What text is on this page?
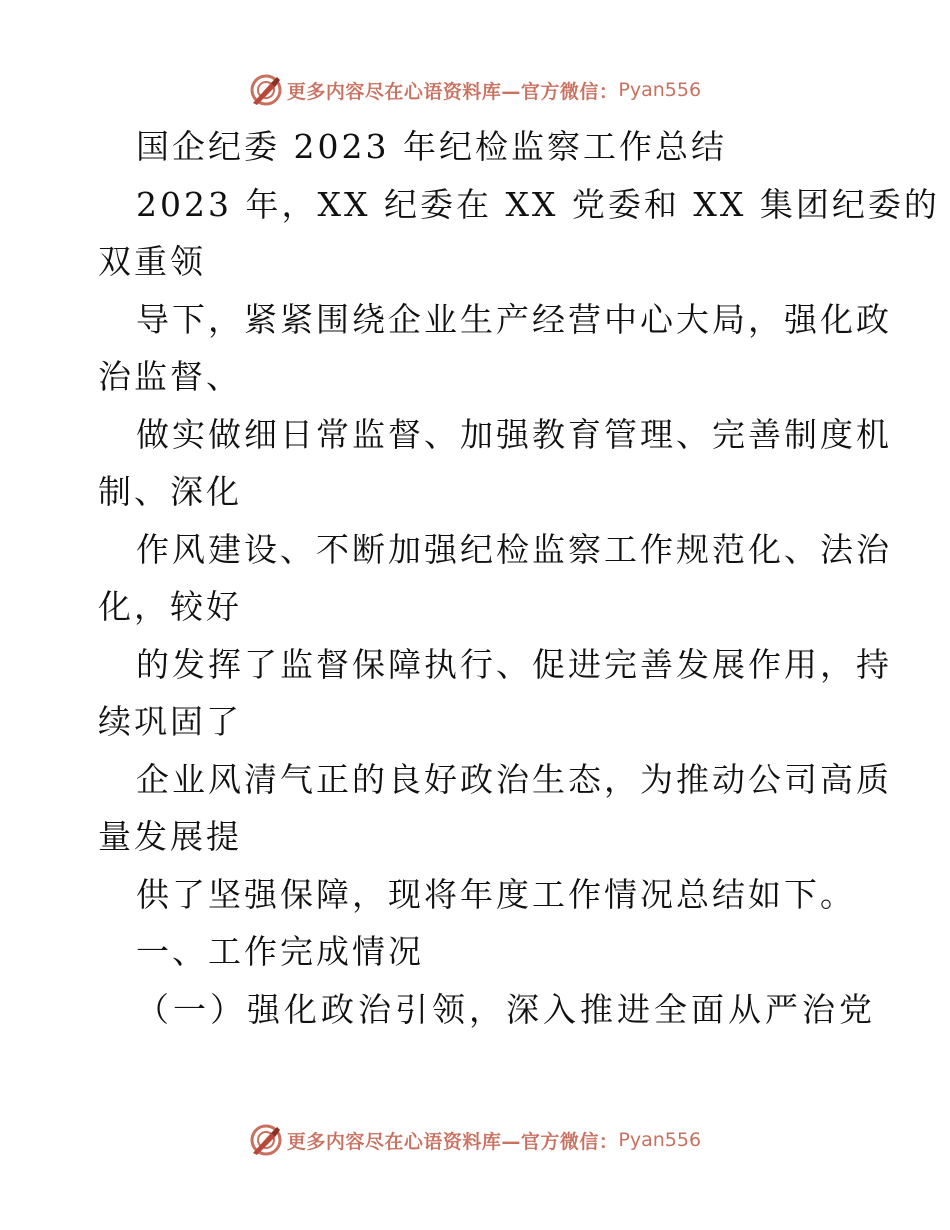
更多内容尽在心语资料库—官方微信： Pyan556
国企纪委 2023 年纪检监察工作总结
2023 年，XX 纪委在 XX 党委和 XX 集团纪委的
双重领
导下，紧紧围绕企业生产经营中心大局，强化政
治监督、
做实做细日常监督、加强教育管理、完善制度机
制、深化
作风建设、不断加强纪检监察工作规范化、法治
化，较好
的发挥了监督保障执行、促进完善发展作用，持
续巩固了
企业风清气正的良好政治生态，为推动公司高质
量发展提
供了坚强保障，现将年度工作情况总结如下。
一、工作完成情况
（一）强化政治引领，深入推进全面从严治党
更多内容尽在心语资料库—官方微信： Pyan556
